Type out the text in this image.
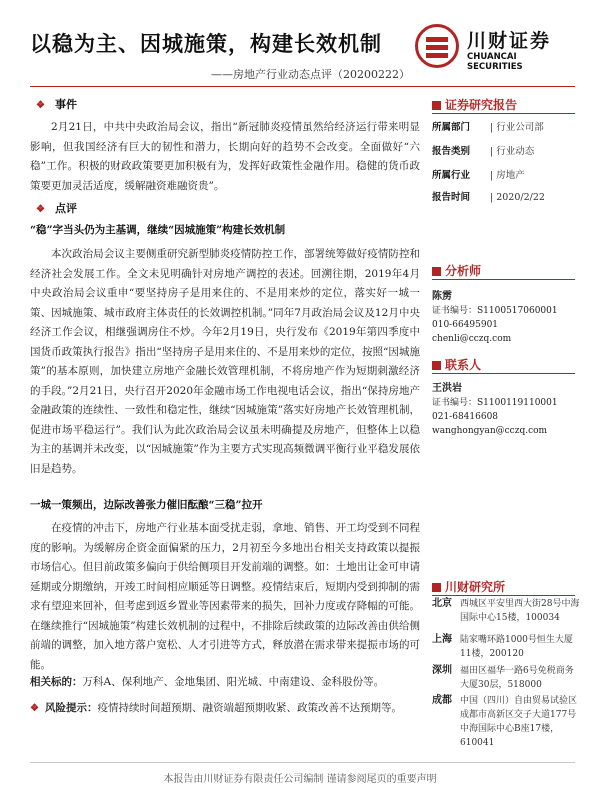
以稳为主、因城施策，构建长效机制
——房地产行业动态点评（20200222）
川财证券
CHUANCAI SECURITIES
❖ 事件

2月21日，中共中央政治局会议，指出“新冠肺炎疫情虽然给经济运行带来明显影响，但我国经济有巨大的韧性和潜力，长期向好的趋势不会改变。全面做好“六稳”工作。积极的财政政策要更加积极有为，发挥好政策性金融作用。稳健的货币政策要更加灵活适度，缓解融资难融资贵”。

❖ 点评
“稳”字当头仍为主基调，继续“因城施策”构建长效机制

本次政治局会议主要侧重研究新型肺炎疫情防控工作，部署统筹做好疫情防控和经济社会发展工作。全文未见明确针对房地产调控的表述。回溯往期，2019年4月中央政治局会议重申“要坚持房子是用来住的、不是用来炒的定位，落实好一城一策、因城施策、城市政府主体责任的长效调控机制。”同年7月政治局会议及12月中央经济工作会议，相继强调房住不炒。今年2月19日，央行发布《2019年第四季度中国货币政策执行报告》指出“坚持房子是用来住的、不是用来炒的定位，按照“因城施策”的基本原则，加快建立房地产金融长效管理机制，不将房地产作为短期刺激经济的手段。”2月21日，央行召开2020年金融市场工作电视电话会议，指出“保持房地产金融政策的连续性、一致性和稳定性，继续“因城施策”落实好房地产长效管理机制，促进市场平稳运行”。我们认为此次政治局会议虽未明确提及房地产，但整体上以稳为主的基调并未改变，以“因城施策”作为主要方式实现高频微调平衡行业平稳发展依旧是趋势。

一城一策频出，边际改善张力催旧酝酿“三稳”拉开

在疫情的冲击下，房地产行业基本面受扰走弱，拿地、销售、开工均受到不同程度的影响。为缓解房企资金面偏紧的压力，2月初至今多地出台相关支持政策以提振市场信心。但目前政策多偏向于供给侧项目开发前端的调整。如：土地出让金可申请延期或分期缴纳，开竣工时间相应顺延等日调整。疫情结束后，短期内受到抑制的需求有望迎来回补，但考虑到返乡置业等因素带来的损失，回补力度或存降幅的可能。在继续推行“因城施策”构建长效机制的过程中，不排除后续政策的边际改善由供给侧前端的调整，加入地方落户宽松、人才引进等方式，释放潜在需求带来提振市场的可能。

相关标的：万科A、保利地产、金地集团、阳光城、中南建设、金科股份等。
❖ 风险提示：疫情持续时间超预期、融资端超预期收紧、政策改善不达预期等。
证券研究报告
所属部门 | 行业公司部
报告类别 | 行业动态
所属行业 | 房地产
报告时间 | 2020/2/22
分析师
陈雳
证书编号：S1100517060001
010-66495901
chenli@cczq.com
联系人
王洪岩
证书编号：S1100119110001
021-68416608
wanghongyan@cczq.com
川财研究所
北京 西城区平安里西大街28号中海国际中心15楼，100034
上海 陆家嘴环路1000号恒生大厦11楼，200120
深圳 福田区福华一路6号免税商务大厦30层，518000
成都 中国（四川）自由贸易试验区成都市高新区交子大道177号中海国际中心B座17楼，610041
本报告由川财证券有限责任公司编制 谨请参阅尾页的重要声明
